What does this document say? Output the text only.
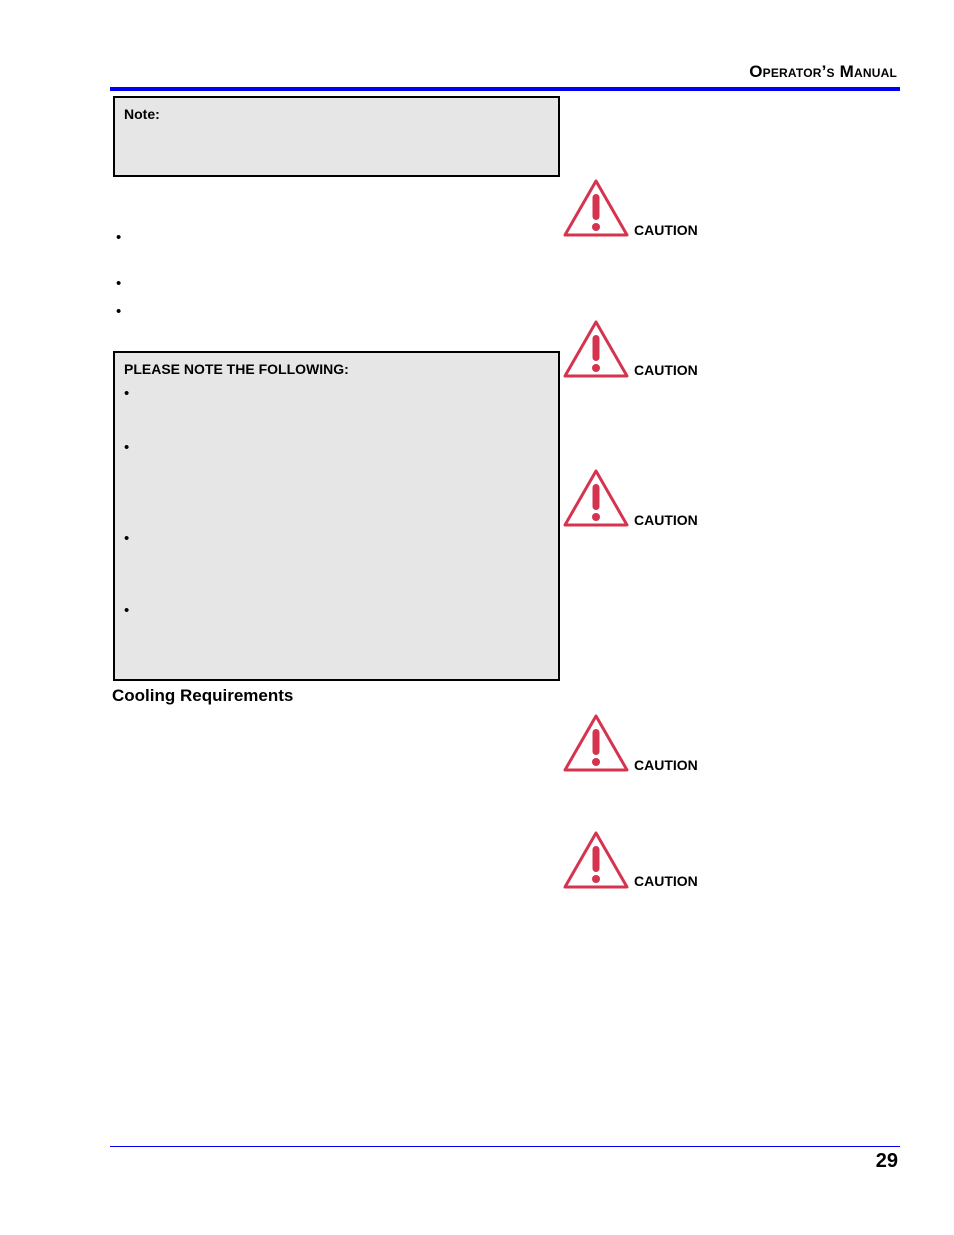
Operator’s Manual
Note:
•
•
•
PLEASE NOTE THE FOLLOWING:
•
•
•
•
Cooling Requirements
CAUTION
CAUTION
CAUTION
CAUTION
CAUTION
29
